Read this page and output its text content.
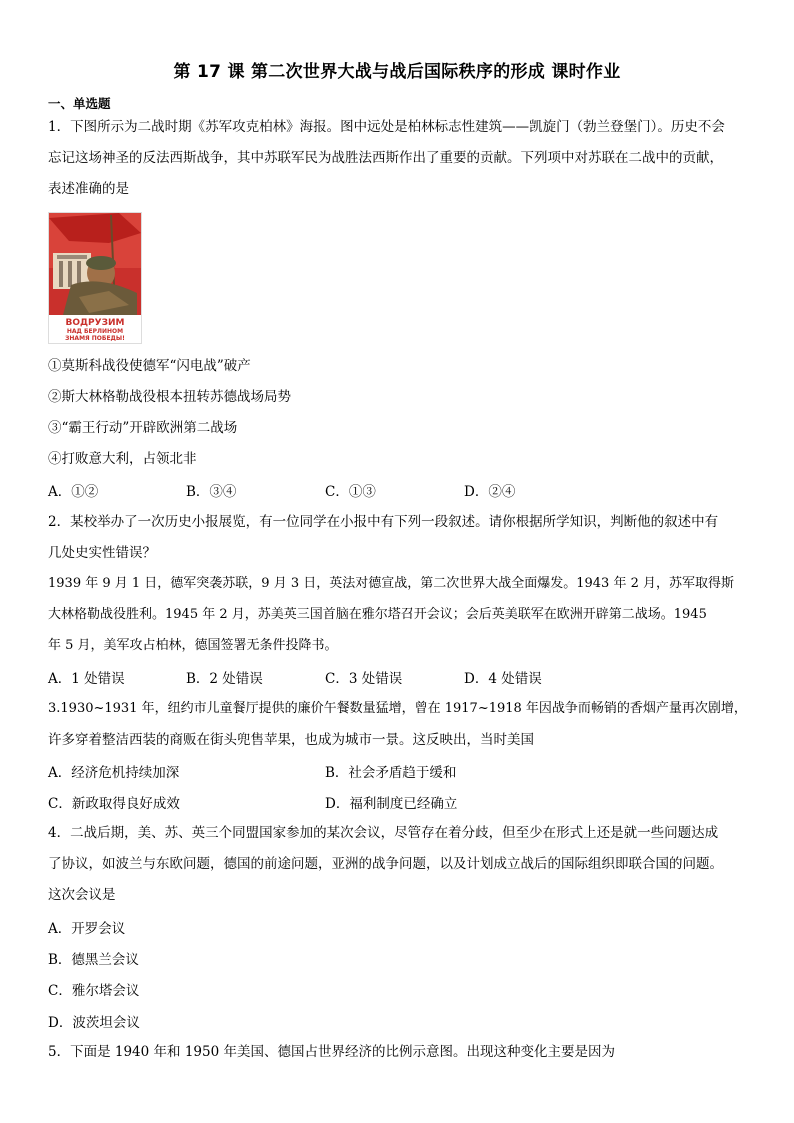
第 17 课 第二次世界大战与战后国际秩序的形成 课时作业
一、单选题
1．下图所示为二战时期《苏军攻克柏林》海报。图中远处是柏林标志性建筑——凯旋门（勃兰登堡门）。历史不会
忘记这场神圣的反法西斯战争，其中苏联军民为战胜法西斯作出了重要的贡献。下列项中对苏联在二战中的贡献，
表述准确的是
ВОДРУЗИМ
НАД БЕРЛИНОМ
ЗНАМЯ ПОБЕДЫ!
①莫斯科战役使德军“闪电战”破产
②斯大林格勒战役根本扭转苏德战场局势
③“霸王行动”开辟欧洲第二战场
④打败意大利，占领北非
A．①②	B．③④	C．①③	D．②④
2．某校举办了一次历史小报展览，有一位同学在小报中有下列一段叙述。请你根据所学知识，判断他的叙述中有
几处史实性错误？
1939 年 9 月 1 日，德军突袭苏联，9 月 3 日，英法对德宣战，第二次世界大战全面爆发。1943 年 2 月，苏军取得斯
大林格勒战役胜利。1945 年 2 月，苏美英三国首脑在雅尔塔召开会议；会后英美联军在欧洲开辟第二战场。1945
年 5 月，美军攻占柏林，德国签署无条件投降书。
A．1 处错误	B．2 处错误	C．3 处错误	D．4 处错误
3.1930~1931 年，纽约市儿童餐厅提供的廉价午餐数量猛增，曾在 1917~1918 年因战争而畅销的香烟产量再次剧增，
许多穿着整洁西装的商贩在街头兜售苹果，也成为城市一景。这反映出，当时美国
A．经济危机持续加深	B．社会矛盾趋于缓和
C．新政取得良好成效	D．福利制度已经确立
4．二战后期，美、苏、英三个同盟国家参加的某次会议，尽管存在着分歧，但至少在形式上还是就一些问题达成
了协议，如波兰与东欧问题，德国的前途问题，亚洲的战争问题，以及计划成立战后的国际组织即联合国的问题。
这次会议是
A．开罗会议
B．德黑兰会议
C．雅尔塔会议
D．波茨坦会议
5．下面是 1940 年和 1950 年美国、德国占世界经济的比例示意图。出现这种变化主要是因为
